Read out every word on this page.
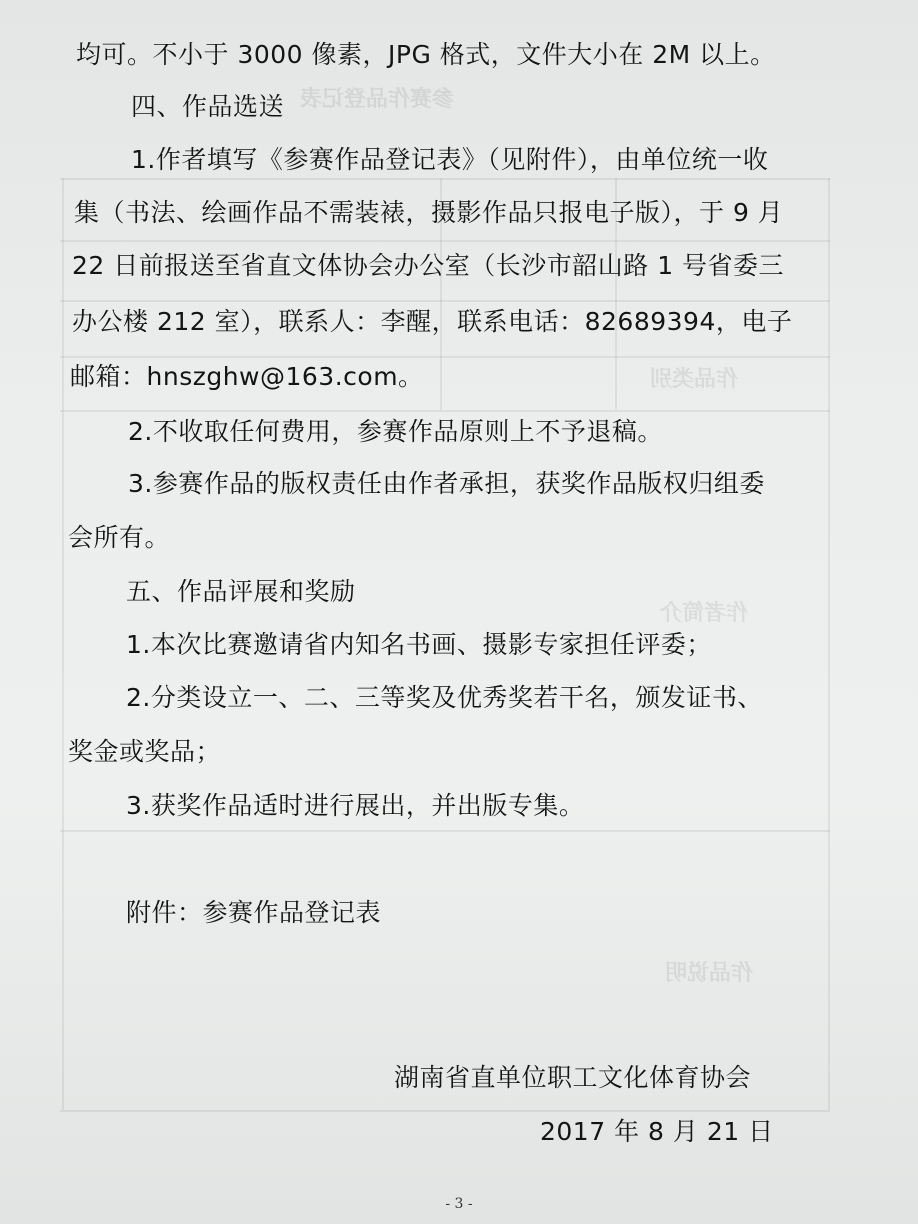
作品类别
作者简介
作品说明
参赛作品登记表
均可。不小于 3000 像素，JPG 格式，文件大小在 2M 以上。
四、作品选送
1.作者填写《参赛作品登记表》（见附件），由单位统一收
集（书法、绘画作品不需装裱，摄影作品只报电子版），于 9 月
22 日前报送至省直文体协会办公室（长沙市韶山路 1 号省委三
办公楼 212 室），联系人：李醒，联系电话：82689394，电子
邮箱：hnszghw@163.com。
2.不收取任何费用，参赛作品原则上不予退稿。
3.参赛作品的版权责任由作者承担，获奖作品版权归组委
会所有。
五、作品评展和奖励
1.本次比赛邀请省内知名书画、摄影专家担任评委；
2.分类设立一、二、三等奖及优秀奖若干名，颁发证书、
奖金或奖品；
3.获奖作品适时进行展出，并出版专集。
附件：参赛作品登记表
湖南省直单位职工文化体育协会
2017 年 8 月 21 日
- 3 -
